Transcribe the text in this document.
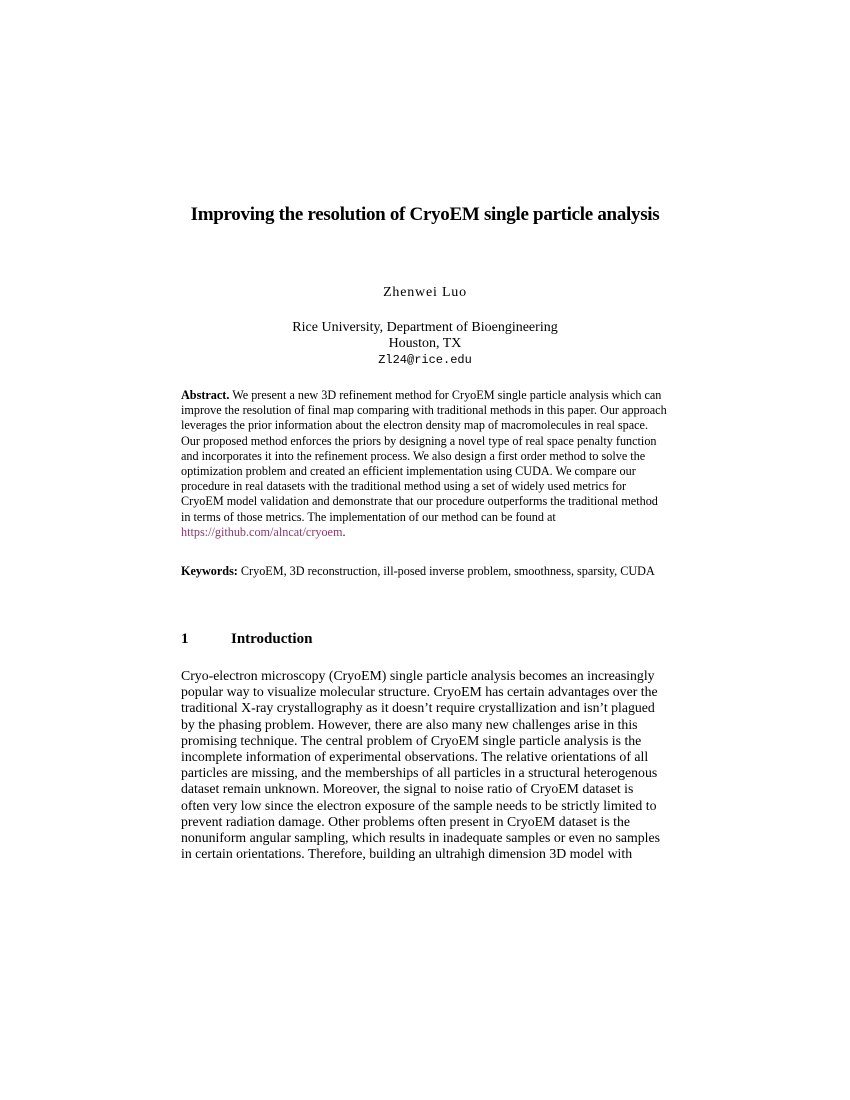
Improving the resolution of CryoEM single particle analysis
Zhenwei Luo
Rice University, Department of Bioengineering
Houston, TX
Zl24@rice.edu
Abstract. We present a new 3D refinement method for CryoEM single particle analysis which can improve the resolution of final map comparing with traditional methods in this paper. Our approach leverages the prior information about the electron density map of macromolecules in real space. Our proposed method enforces the priors by designing a novel type of real space penalty function and incorporates it into the refinement process. We also design a first order method to solve the optimization problem and created an efficient implementation using CUDA. We compare our procedure in real datasets with the traditional method using a set of widely used metrics for CryoEM model validation and demonstrate that our procedure outperforms the traditional method in terms of those metrics. The implementation of our method can be found at https://github.com/alncat/cryoem.
Keywords: CryoEM, 3D reconstruction, ill-posed inverse problem, smoothness, sparsity, CUDA
1	Introduction
Cryo-electron microscopy (CryoEM) single particle analysis becomes an increasingly
popular way to visualize molecular structure. CryoEM has certain advantages over the
traditional X-ray crystallography as it doesn’t require crystallization and isn’t plagued
by the phasing problem. However, there are also many new challenges arise in this
promising technique. The central problem of CryoEM single particle analysis is the
incomplete information of experimental observations. The relative orientations of all
particles are missing, and the memberships of all particles in a structural heterogenous
dataset remain unknown. Moreover, the signal to noise ratio of CryoEM dataset is
often very low since the electron exposure of the sample needs to be strictly limited to
prevent radiation damage. Other problems often present in CryoEM dataset is the
nonuniform angular sampling, which results in inadequate samples or even no samples
in certain orientations. Therefore, building an ultrahigh dimension 3D model with
